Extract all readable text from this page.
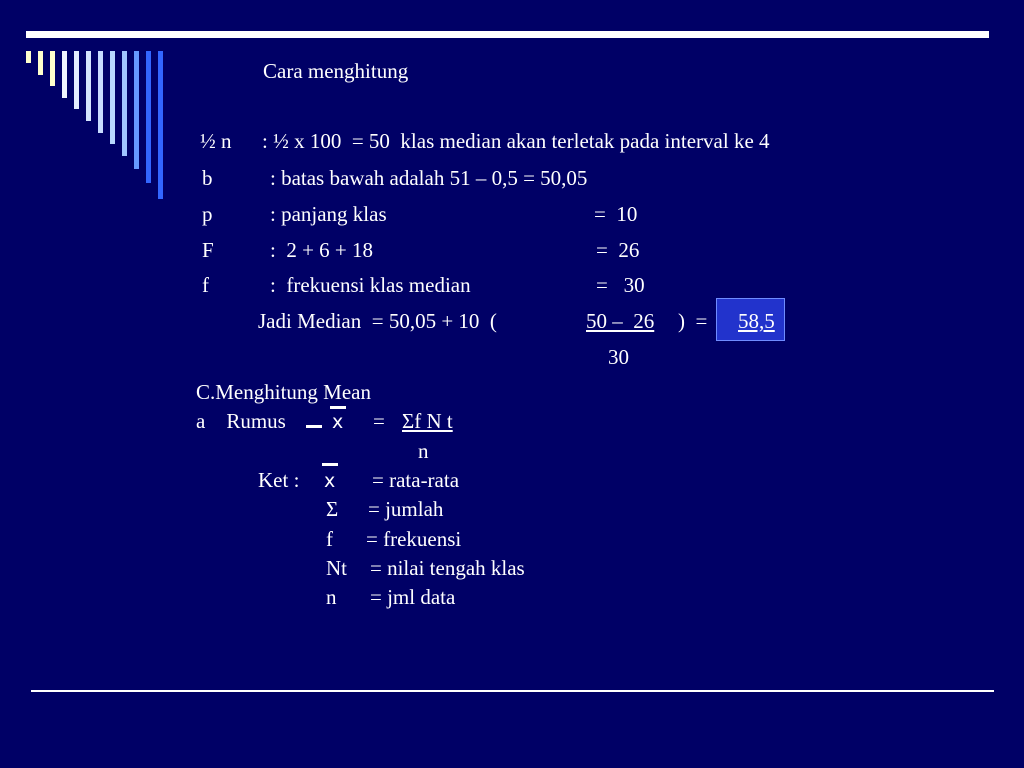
Cara menghitung
½ n : ½ x 100  = 50  klas median akan terletak pada interval ke 4
b	: batas bawah adalah 51 – 0,5 = 50,05
p	: panjang klas	=  10
F	:  2 + 6 + 18	=  26
f	:  frekuensi klas median	=   30
Jadi Median  = 50,05 + 10  (	50 –  26 )  = 58,5
30
C.Menghitung Mean
a    Rumus x = Σf N t
n
Ket : x = rata-rata
Σ = jumlah
f = frekuensi
Nt = nilai tengah klas
n = jml data
